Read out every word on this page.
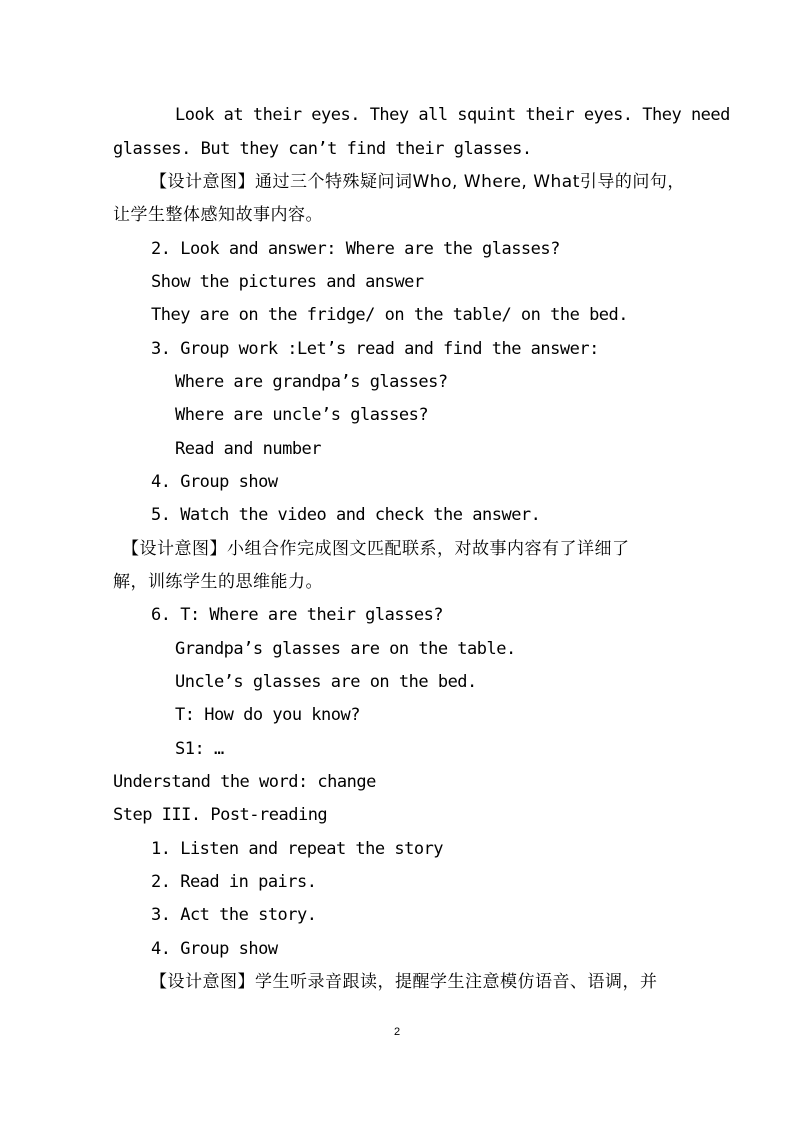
Look at their eyes. They all squint their eyes. They need
glasses. But they can’t find their glasses.
【设计意图】通过三个特殊疑问词Who, Where, What引导的问句，
让学生整体感知故事内容。
2. Look and answer: Where are the glasses?
Show the pictures and answer
They are on the fridge/ on the table/ on the bed.
3. Group work :Let’s read and find the answer:
Where are grandpa’s glasses?
Where are uncle’s glasses?
Read and number
4. Group show
5. Watch the video and check the answer.
【设计意图】小组合作完成图文匹配联系，对故事内容有了详细了
解，训练学生的思维能力。
6. T: Where are their glasses?
Grandpa’s glasses are on the table.
Uncle’s glasses are on the bed.
T: How do you know?
S1: …
Understand the word: change
Step III. Post-reading
1. Listen and repeat the story
2. Read in pairs.
3. Act the story.
4. Group show
【设计意图】学生听录音跟读，提醒学生注意模仿语音、语调，并
2
